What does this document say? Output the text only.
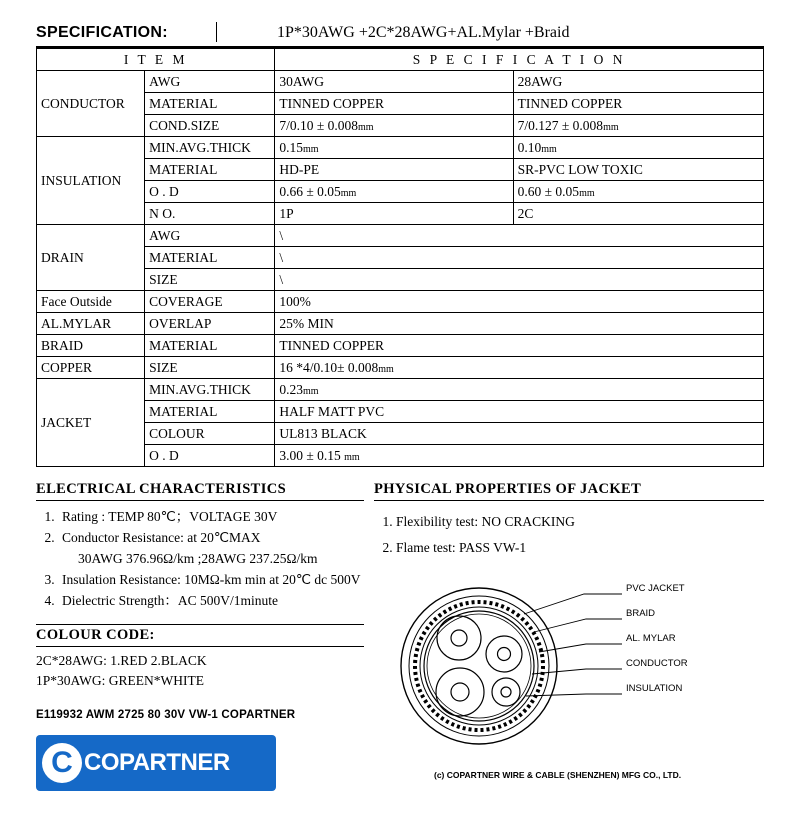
SPECIFICATION:	1P*30AWG +2C*28AWG+AL.Mylar +Braid
I T E M		S P E C I F I C A T I O N	
CONDUCTOR	AWG	30AWG	28AWG
	MATERIAL	TINNED COPPER	TINNED COPPER
	COND.SIZE	7/0.10 ± 0.008mm	7/0.127 ± 0.008mm
INSULATION	MIN.AVG.THICK	0.15mm	0.10mm
	MATERIAL	HD-PE	SR-PVC LOW TOXIC
	O . D	0.66 ± 0.05mm	0.60 ± 0.05mm
	N O.	1P	2C
DRAIN	AWG	\	
	MATERIAL	\	
	SIZE	\	
Face Outside	COVERAGE	100%	
AL.MYLAR	OVERLAP	25% MIN	
BRAID	MATERIAL	TINNED COPPER	
COPPER	SIZE	16 *4/0.10± 0.008mm	
JACKET	MIN.AVG.THICK	0.23mm	
	MATERIAL	HALF MATT PVC	
	COLOUR	UL813 BLACK	
	O . D	3.00 ± 0.15 mm	
ELECTRICAL CHARACTERISTICS
1. Rating : TEMP 80℃；VOLTAGE 30V
2. Conductor Resistance: at 20℃MAX
30AWG 376.96Ω/km ;28AWG 237.25Ω/km
3. Insulation Resistance: 10MΩ-km min at 20℃ dc 500V
4. Dielectric Strength：AC 500V/1minute
COLOUR CODE:
2C*28AWG: 1.RED 2.BLACK
1P*30AWG: GREEN*WHITE
E119932 AWM 2725 80 30V VW-1 COPARTNER
C COPARTNER
PHYSICAL PROPERTIES OF JACKET
1. Flexibility test: NO CRACKING
2. Flame test: PASS VW-1
PVC JACKET
BRAID
AL. MYLAR
CONDUCTOR
INSULATION
(c) COPARTNER WIRE & CABLE (SHENZHEN) MFG CO., LTD.
